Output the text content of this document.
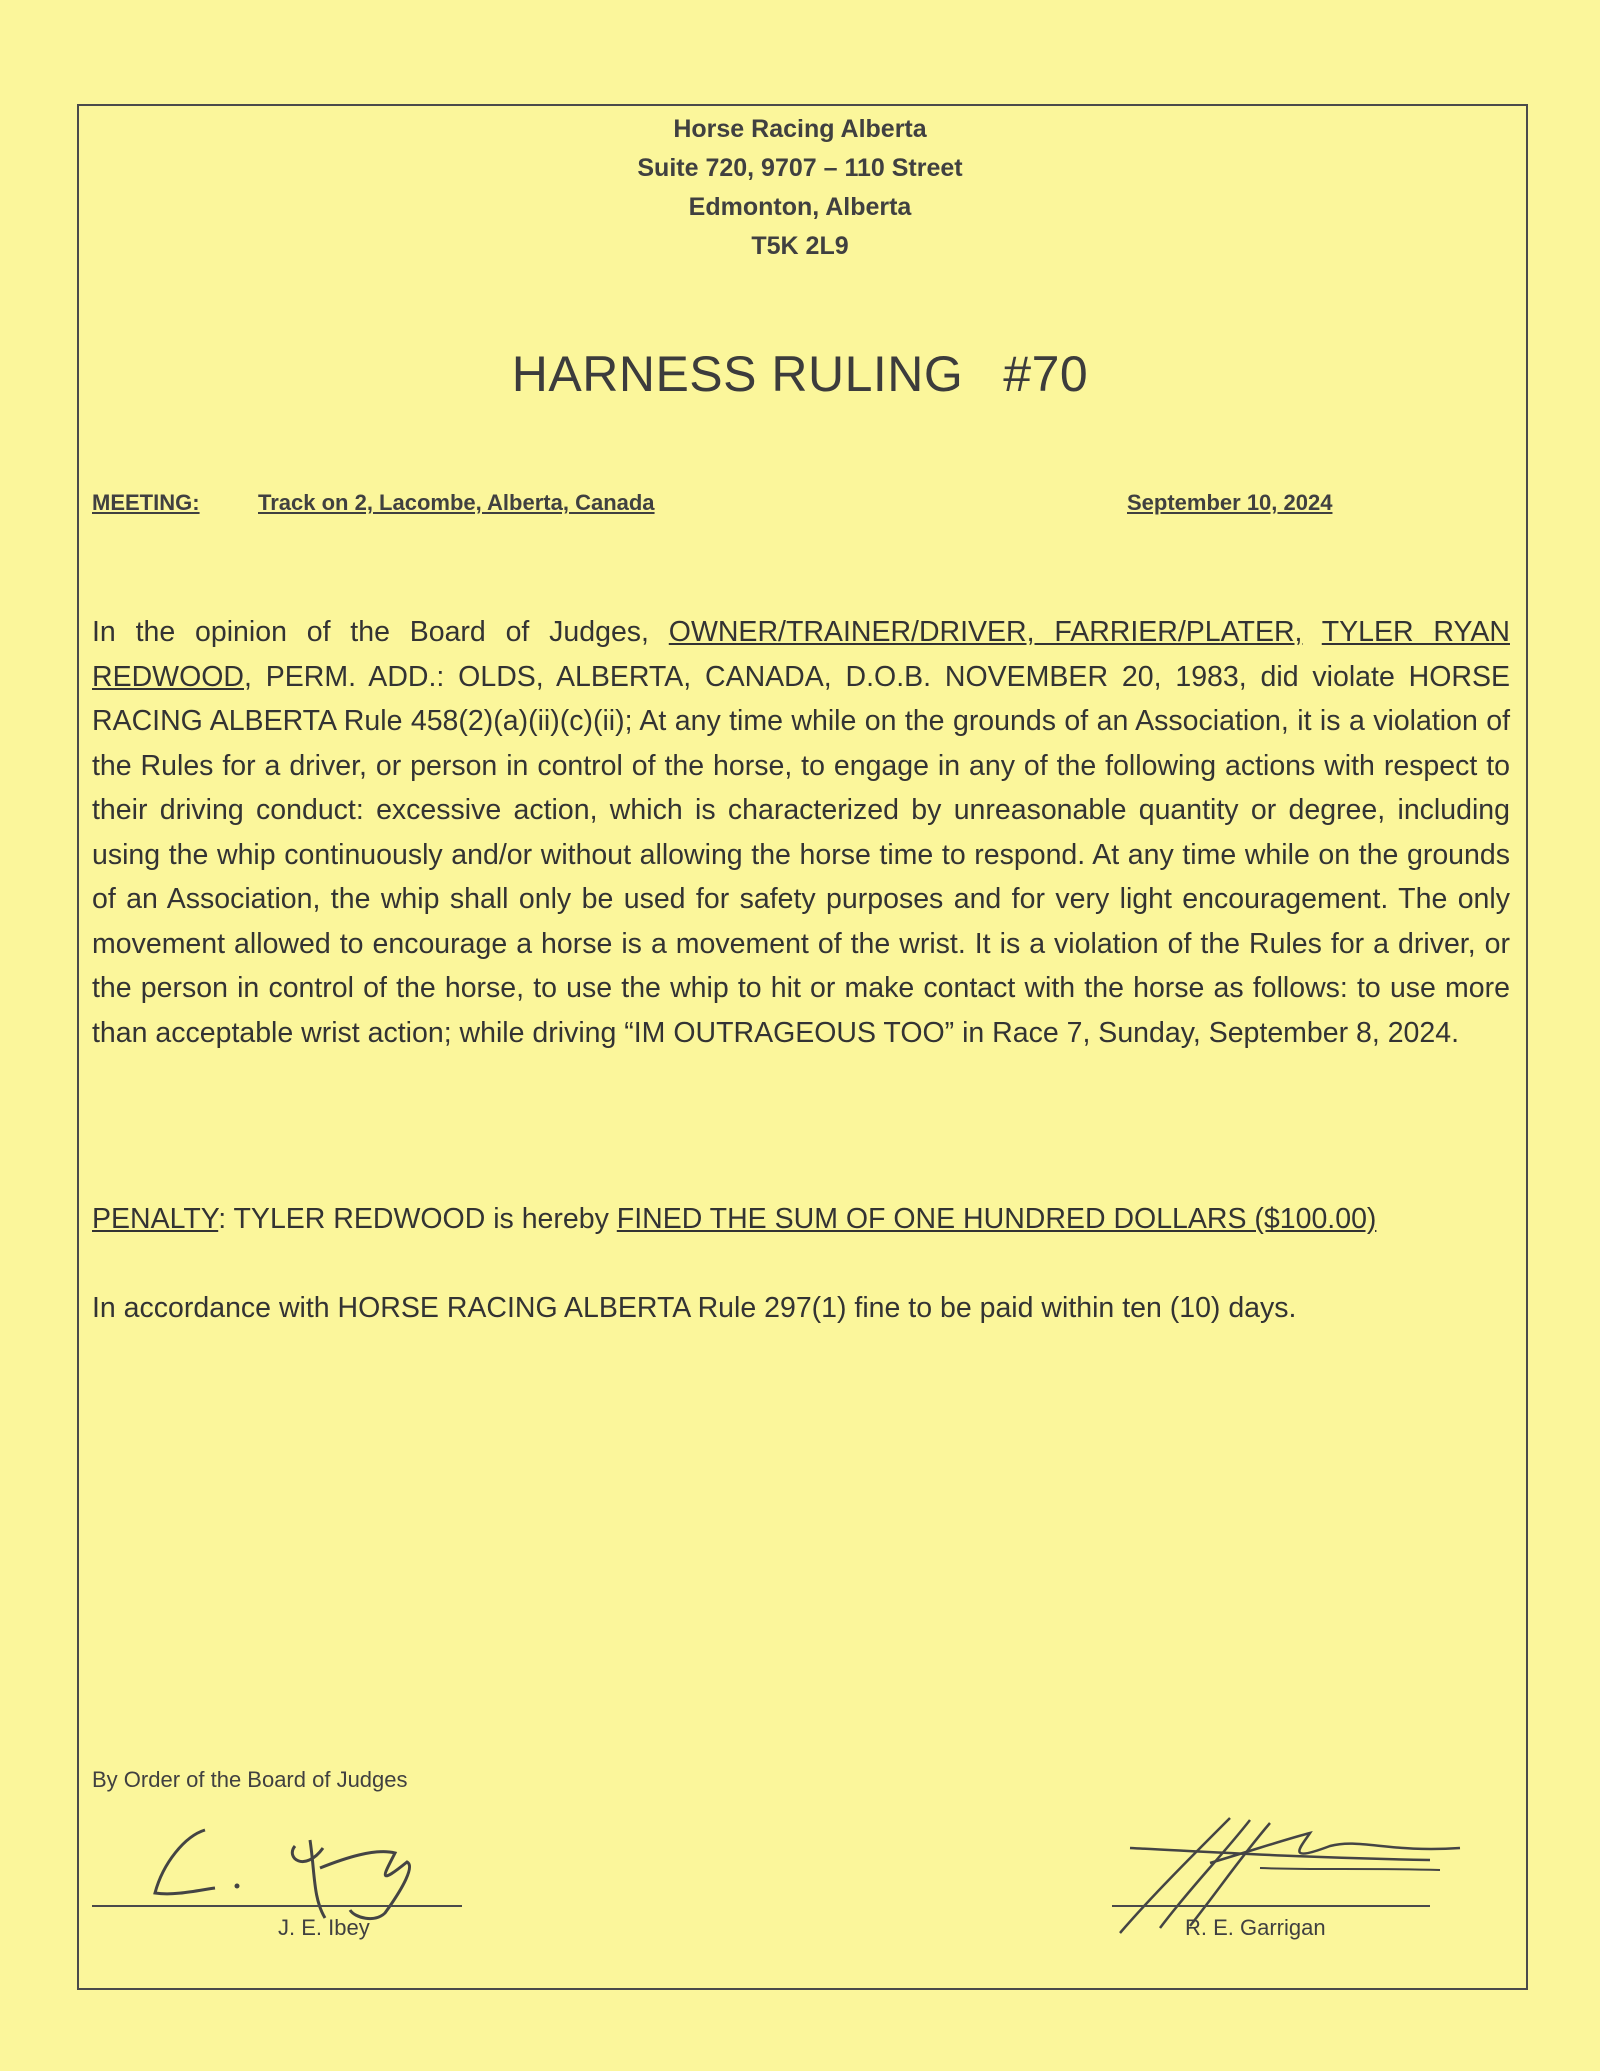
Horse Racing Alberta
Suite 720, 9707 – 110 Street
Edmonton, Alberta
T5K 2L9
HARNESS RULING #70
MEETING:	Track on 2, Lacombe, Alberta, Canada	September 10, 2024
In the opinion of the Board of Judges, OWNER/TRAINER/DRIVER, FARRIER/PLATER, TYLER RYAN REDWOOD, PERM. ADD.: OLDS, ALBERTA, CANADA, D.O.B. NOVEMBER 20, 1983, did violate HORSE RACING ALBERTA Rule 458(2)(a)(ii)(c)(ii); At any time while on the grounds of an Association, it is a violation of the Rules for a driver, or person in control of the horse, to engage in any of the following actions with respect to their driving conduct: excessive action, which is characterized by unreasonable quantity or degree, including using the whip continuously and/or without allowing the horse time to respond. At any time while on the grounds of an Association, the whip shall only be used for safety purposes and for very light encouragement. The only movement allowed to encourage a horse is a movement of the wrist. It is a violation of the Rules for a driver, or the person in control of the horse, to use the whip to hit or make contact with the horse as follows: to use more than acceptable wrist action; while driving “IM OUTRAGEOUS TOO” in Race 7, Sunday, September 8, 2024.
PENALTY: TYLER REDWOOD is hereby FINED THE SUM OF ONE HUNDRED DOLLARS ($100.00)
In accordance with HORSE RACING ALBERTA Rule 297(1) fine to be paid within ten (10) days.
By Order of the Board of Judges
J. E. Ibey	R. E. Garrigan
